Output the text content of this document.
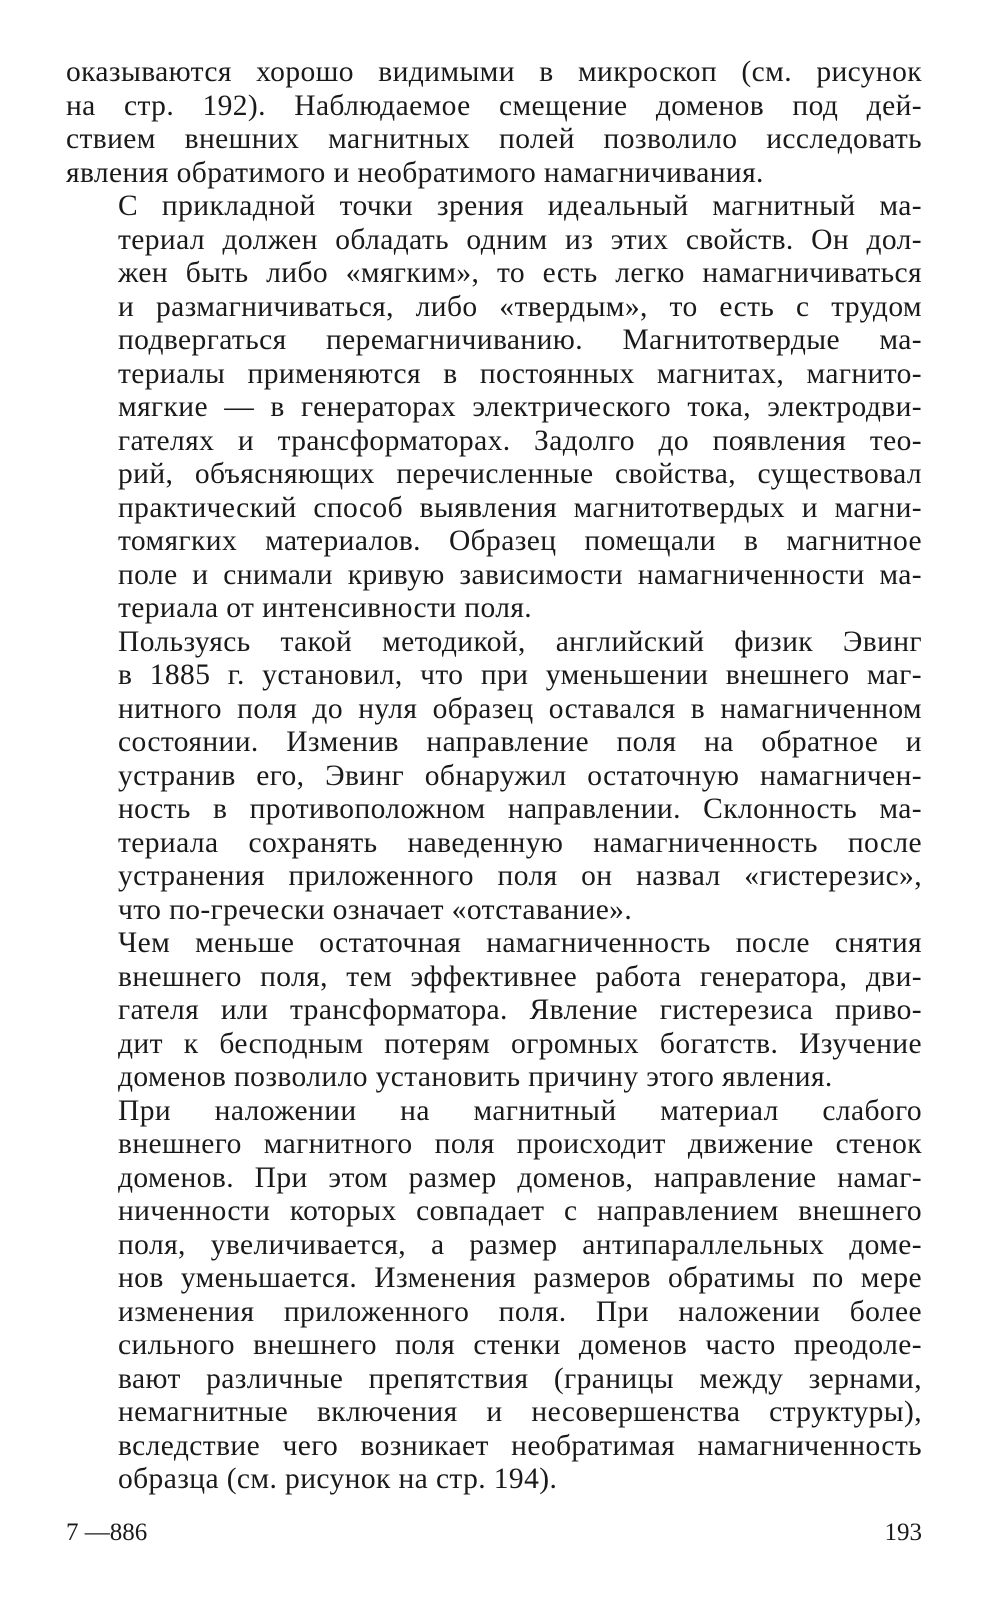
оказываются хорошо видимыми в микроскоп (см. рисунок
на стр. 192). Наблюдаемое смещение доменов под дей-
ствием внешних магнитных полей позволило исследовать
явления обратимого и необратимого намагничивания.

С прикладной точки зрения идеальный магнитный ма-
териал должен обладать одним из этих свойств. Он дол-
жен быть либо «мягким», то есть легко намагничиваться
и размагничиваться, либо «твердым», то есть с трудом
подвергаться перемагничиванию. Магнитотвердые ма-
териалы применяются в постоянных магнитах, магнито-
мягкие — в генераторах электрического тока, электродви-
гателях и трансформаторах. Задолго до появления тео-
рий, объясняющих перечисленные свойства, существовал
практический способ выявления магнитотвердых и магни-
томягких материалов. Образец помещали в магнитное
поле и снимали кривую зависимости намагниченности ма-
териала от интенсивности поля.

Пользуясь такой методикой, английский физик Эвинг
в 1885 г. установил, что при уменьшении внешнего маг-
нитного поля до нуля образец оставался в намагниченном
состоянии. Изменив направление поля на обратное и
устранив его, Эвинг обнаружил остаточную намагничен-
ность в противоположном направлении. Склонность ма-
териала сохранять наведенную намагниченность после
устранения приложенного поля он назвал «гистерезис»,
что по-гречески означает «отставание».

Чем меньше остаточная намагниченность после снятия
внешнего поля, тем эффективнее работа генератора, дви-
гателя или трансформатора. Явление гистерезиса приво-
дит к бесподным потерям огромных богатств. Изучение
доменов позволило установить причину этого явления.

При наложении на магнитный материал слабого
внешнего магнитного поля происходит движение стенок
доменов. При этом размер доменов, направление намаг-
ниченности которых совпадает с направлением внешнего
поля, увеличивается, а размер антипараллельных доме-
нов уменьшается. Изменения размеров обратимы по мере
изменения приложенного поля. При наложении более
сильного внешнего поля стенки доменов часто преодоле-
вают различные препятствия (границы между зернами,
немагнитные включения и несовершенства структуры),
вследствие чего возникает необратимая намагниченность
образца (см. рисунок на стр. 194).

7 —886	193
